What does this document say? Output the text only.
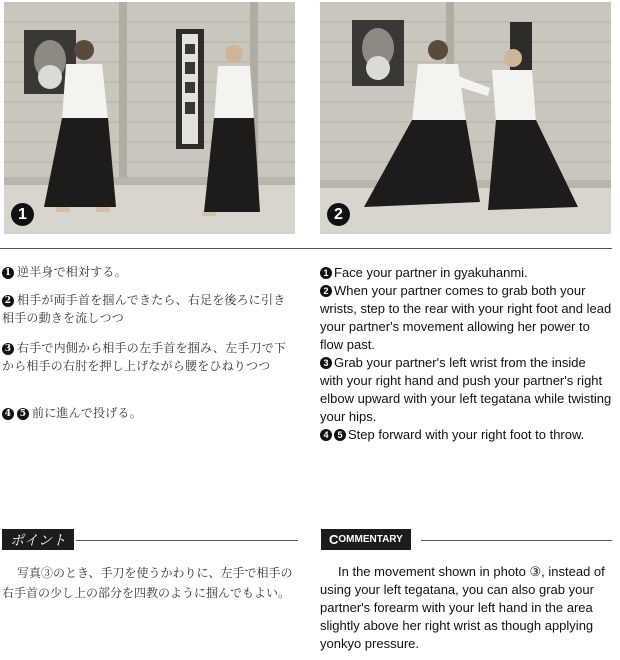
1	2
1 逆半身で相対する。
2 相手が両手首を掴んできたら、右足を後ろに引き相手の動きを流しつつ
3 右手で内側から相手の左手首を掴み、左手刀で下から相手の右肘を押し上げながら腰をひねりつつ
4 5 前に進んで投げる。

1 Face your partner in gyakuhanmi.

2 When your partner comes to grab both your wrists, step to the rear with your right foot and lead your partner's movement allowing her power to flow past.

3 Grab your partner's left wrist from the inside with your right hand and push your partner's right elbow upward with your left tegatana while twisting your hips.

4 5 Step forward with your right foot to throw.

ポイント	C OMMENTARY
写真③のとき、手刀を使うかわりに、左手で相手の右手首の少し上の部分を四教のように掴んでもよい。
In the movement shown in photo ③, instead of using your left tegatana, you can also grab your partner's forearm with your left hand in the area slightly above her right wrist as though applying yonkyo pressure.
